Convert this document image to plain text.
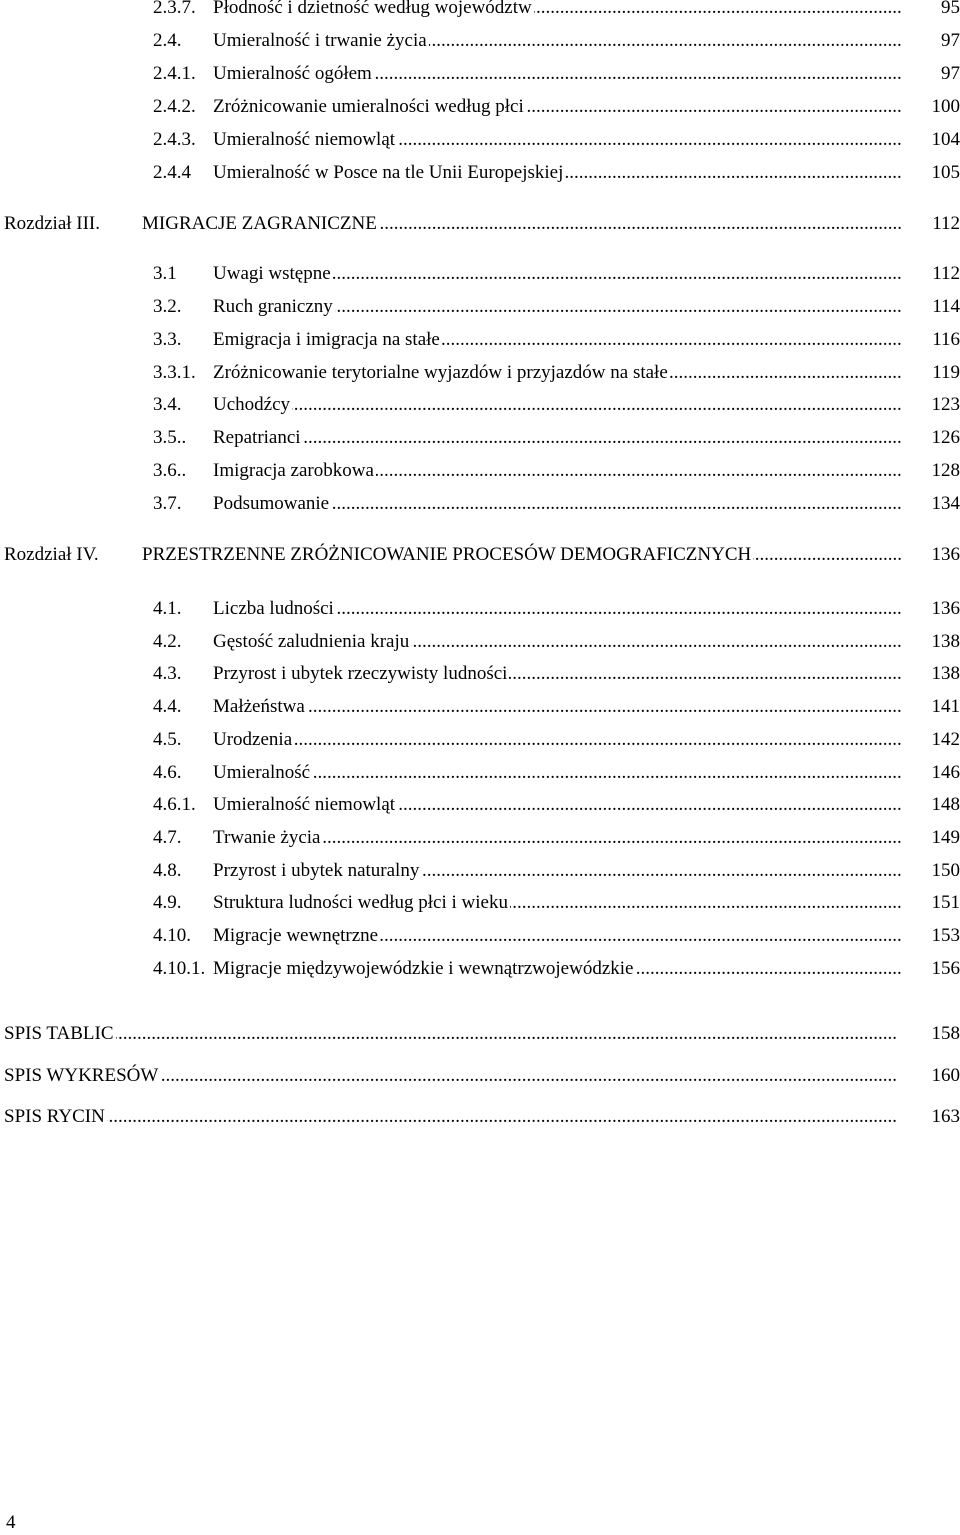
2.3.7. Płodność i dzietność według województw .....	95
2.4. Umieralność i trwanie życia .....	97
2.4.1. Umieralność ogółem .....	97
2.4.2. Zróżnicowanie umieralności według płci .....	100
2.4.3. Umieralność niemowląt .....	104
2.4.4 Umieralność w Posce na tle Unii Europejskiej .....	105
Rozdział III. MIGRACJE ZAGRANICZNE .....	112
3.1 Uwagi wstępne .....	112
3.2. Ruch graniczny .....	114
3.3. Emigracja i imigracja na stałe .....	116
3.3.1. Zróżnicowanie terytorialne wyjazdów i przyjazdów na stałe .....	119
3.4. Uchodźcy .....	123
3.5.. Repatrianci .....	126
3.6.. Imigracja zarobkowa .....	128
3.7. Podsumowanie .....	134
Rozdział IV. PRZESTRZENNE ZRÓŻNICOWANIE PROCESÓW DEMOGRAFICZNYCH .....	136
4.1. Liczba ludności .....	136
4.2. Gęstość zaludnienia kraju .....	138
4.3. Przyrost i ubytek rzeczywisty ludności .....	138
4.4. Małżeństwa .....	141
4.5. Urodzenia .....	142
4.6. Umieralność .....	146
4.6.1. Umieralność niemowląt .....	148
4.7. Trwanie życia .....	149
4.8. Przyrost i ubytek naturalny .....	150
4.9. Struktura ludności według płci i wieku .....	151
4.10. Migracje wewnętrzne .....	153
4.10.1. Migracje międzywojewódzkie i wewnątrzwojewódzkie .....	156
SPIS TABLIC .....	158
SPIS WYKRESÓW .....	160
SPIS RYCIN .....	163
4
